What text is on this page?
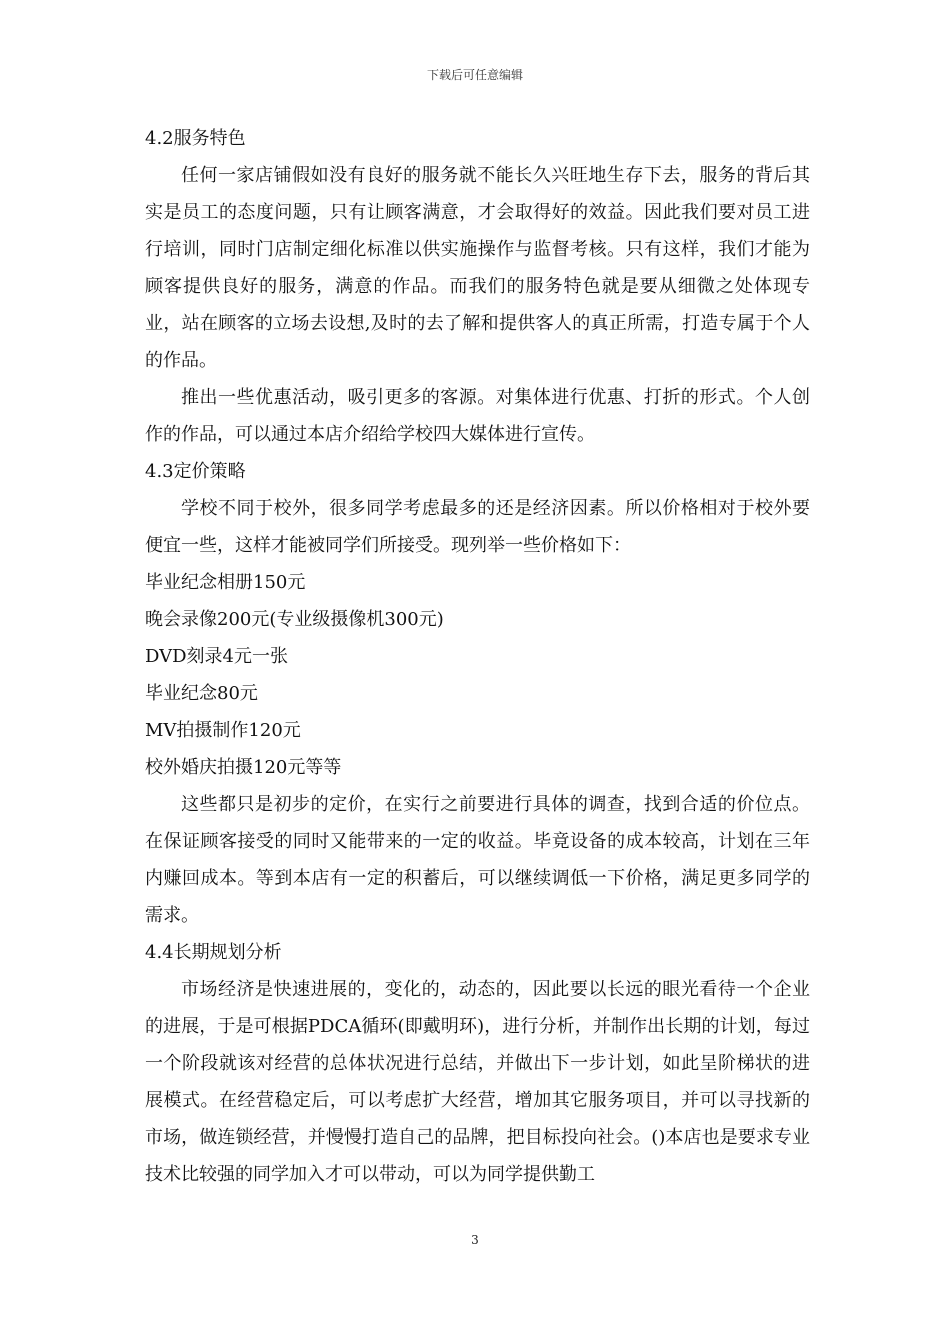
下载后可任意编辑

4.2服务特色

任何一家店铺假如没有良好的服务就不能长久兴旺地生存下去，服务的背后其实是员工的态度问题，只有让顾客满意，才会取得好的效益。因此我们要对员工进行培训，同时门店制定细化标准以供实施操作与监督考核。只有这样，我们才能为顾客提供良好的服务，满意的作品。而我们的服务特色就是要从细微之处体现专业，站在顾客的立场去设想,及时的去了解和提供客人的真正所需，打造专属于个人的作品。

推出一些优惠活动，吸引更多的客源。对集体进行优惠、打折的形式。个人创作的作品，可以通过本店介绍给学校四大媒体进行宣传。

4.3定价策略

学校不同于校外，很多同学考虑最多的还是经济因素。所以价格相对于校外要便宜一些，这样才能被同学们所接受。现列举一些价格如下：

毕业纪念相册150元

晚会录像200元(专业级摄像机300元)

DVD刻录4元一张

毕业纪念80元

MV拍摄制作120元

校外婚庆拍摄120元等等

这些都只是初步的定价，在实行之前要进行具体的调查，找到合适的价位点。在保证顾客接受的同时又能带来的一定的收益。毕竟设备的成本较高，计划在三年内赚回成本。等到本店有一定的积蓄后，可以继续调低一下价格，满足更多同学的需求。

4.4长期规划分析

市场经济是快速进展的，变化的，动态的，因此要以长远的眼光看待一个企业的进展，于是可根据PDCA循环(即戴明环)，进行分析，并制作出长期的计划，每过一个阶段就该对经营的总体状况进行总结，并做出下一步计划，如此呈阶梯状的进展模式。在经营稳定后，可以考虑扩大经营，增加其它服务项目，并可以寻找新的市场，做连锁经营，并慢慢打造自己的品牌，把目标投向社会。()本店也是要求专业技术比较强的同学加入才可以带动，可以为同学提供勤工

3
